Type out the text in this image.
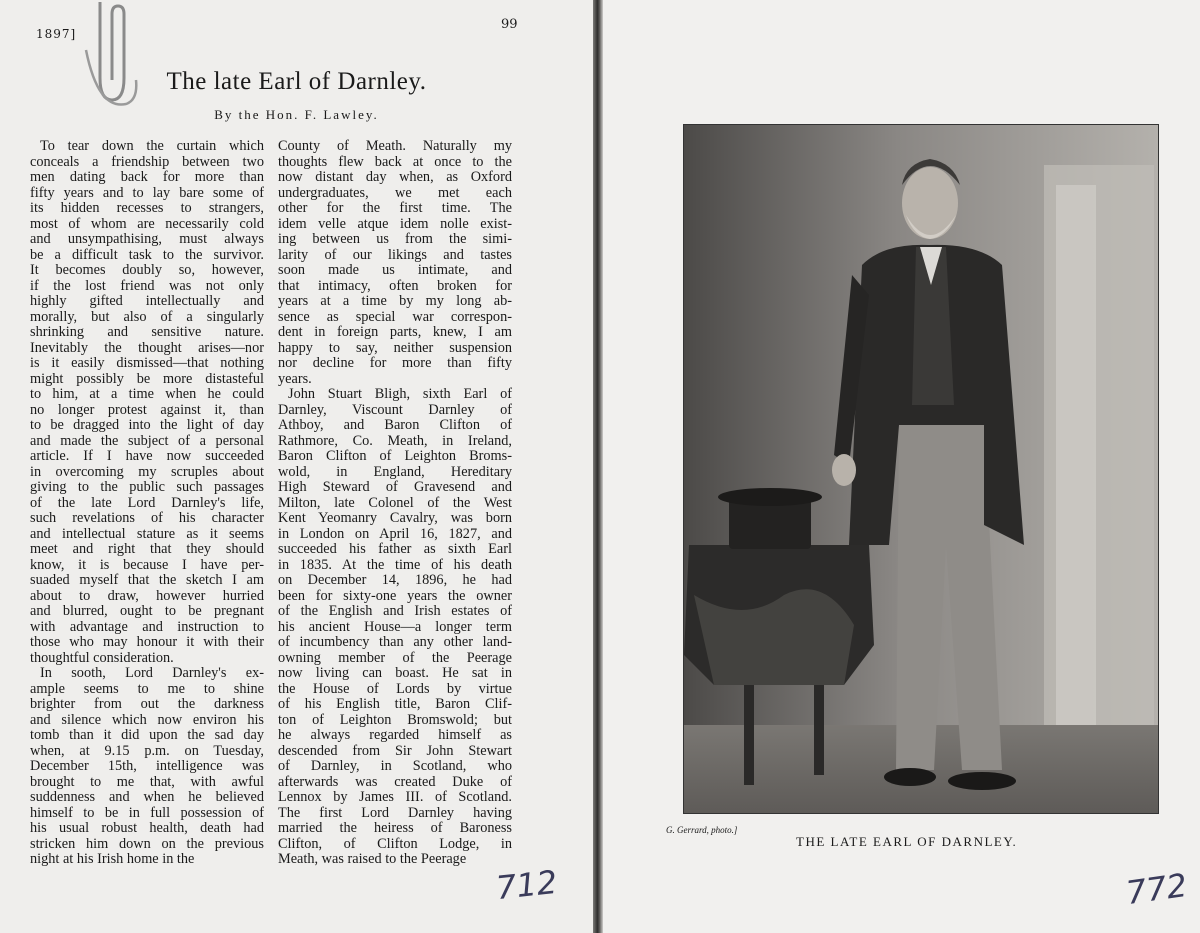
1897]
99
The late Earl of Darnley.
By the Hon. F. Lawley.
To tear down the curtain which
conceals a friendship between two
men dating back for more than
fifty years and to lay bare some of
its hidden recesses to strangers,
most of whom are necessarily cold
and unsympathising, must always
be a difficult task to the survivor.
It becomes doubly so, however,
if the lost friend was not only
highly gifted intellectually and
morally, but also of a singularly
shrinking and sensitive nature.
Inevitably the thought arises—nor
is it easily dismissed—that nothing
might possibly be more distasteful
to him, at a time when he could
no longer protest against it, than
to be dragged into the light of day
and made the subject of a personal
article. If I have now succeeded
in overcoming my scruples about
giving to the public such passages
of the late Lord Darnley's life,
such revelations of his character
and intellectual stature as it seems
meet and right that they should
know, it is because I have per-
suaded myself that the sketch I am
about to draw, however hurried
and blurred, ought to be pregnant
with advantage and instruction to
those who may honour it with their
thoughtful consideration.
In sooth, Lord Darnley's ex-
ample seems to me to shine
brighter from out the darkness
and silence which now environ his
tomb than it did upon the sad day
when, at 9.15 p.m. on Tuesday,
December 15th, intelligence was
brought to me that, with awful
suddenness and when he believed
himself to be in full possession of
his usual robust health, death had
stricken him down on the previous
night at his Irish home in the
County of Meath. Naturally my
thoughts flew back at once to the
now distant day when, as Oxford
undergraduates, we met each
other for the first time. The
idem velle atque idem nolle exist-
ing between us from the simi-
larity of our likings and tastes
soon made us intimate, and
that intimacy, often broken for
years at a time by my long ab-
sence as special war correspon-
dent in foreign parts, knew, I am
happy to say, neither suspension
nor decline for more than fifty
years.
John Stuart Bligh, sixth Earl of
Darnley, Viscount Darnley of
Athboy, and Baron Clifton of
Rathmore, Co. Meath, in Ireland,
Baron Clifton of Leighton Broms-
wold, in England, Hereditary
High Steward of Gravesend and
Milton, late Colonel of the West
Kent Yeomanry Cavalry, was born
in London on April 16, 1827, and
succeeded his father as sixth Earl
in 1835. At the time of his death
on December 14, 1896, he had
been for sixty-one years the owner
of the English and Irish estates of
his ancient House—a longer term
of incumbency than any other land-
owning member of the Peerage
now living can boast. He sat in
the House of Lords by virtue
of his English title, Baron Clif-
ton of Leighton Bromswold; but
he always regarded himself as
descended from Sir John Stewart
of Darnley, in Scotland, who
afterwards was created Duke of
Lennox by James III. of Scotland.
The first Lord Darnley having
married the heiress of Baroness
Clifton, of Clifton Lodge, in
Meath, was raised to the Peerage
712
G. Gerrard, photo.]
THE LATE EARL OF DARNLEY.
772
